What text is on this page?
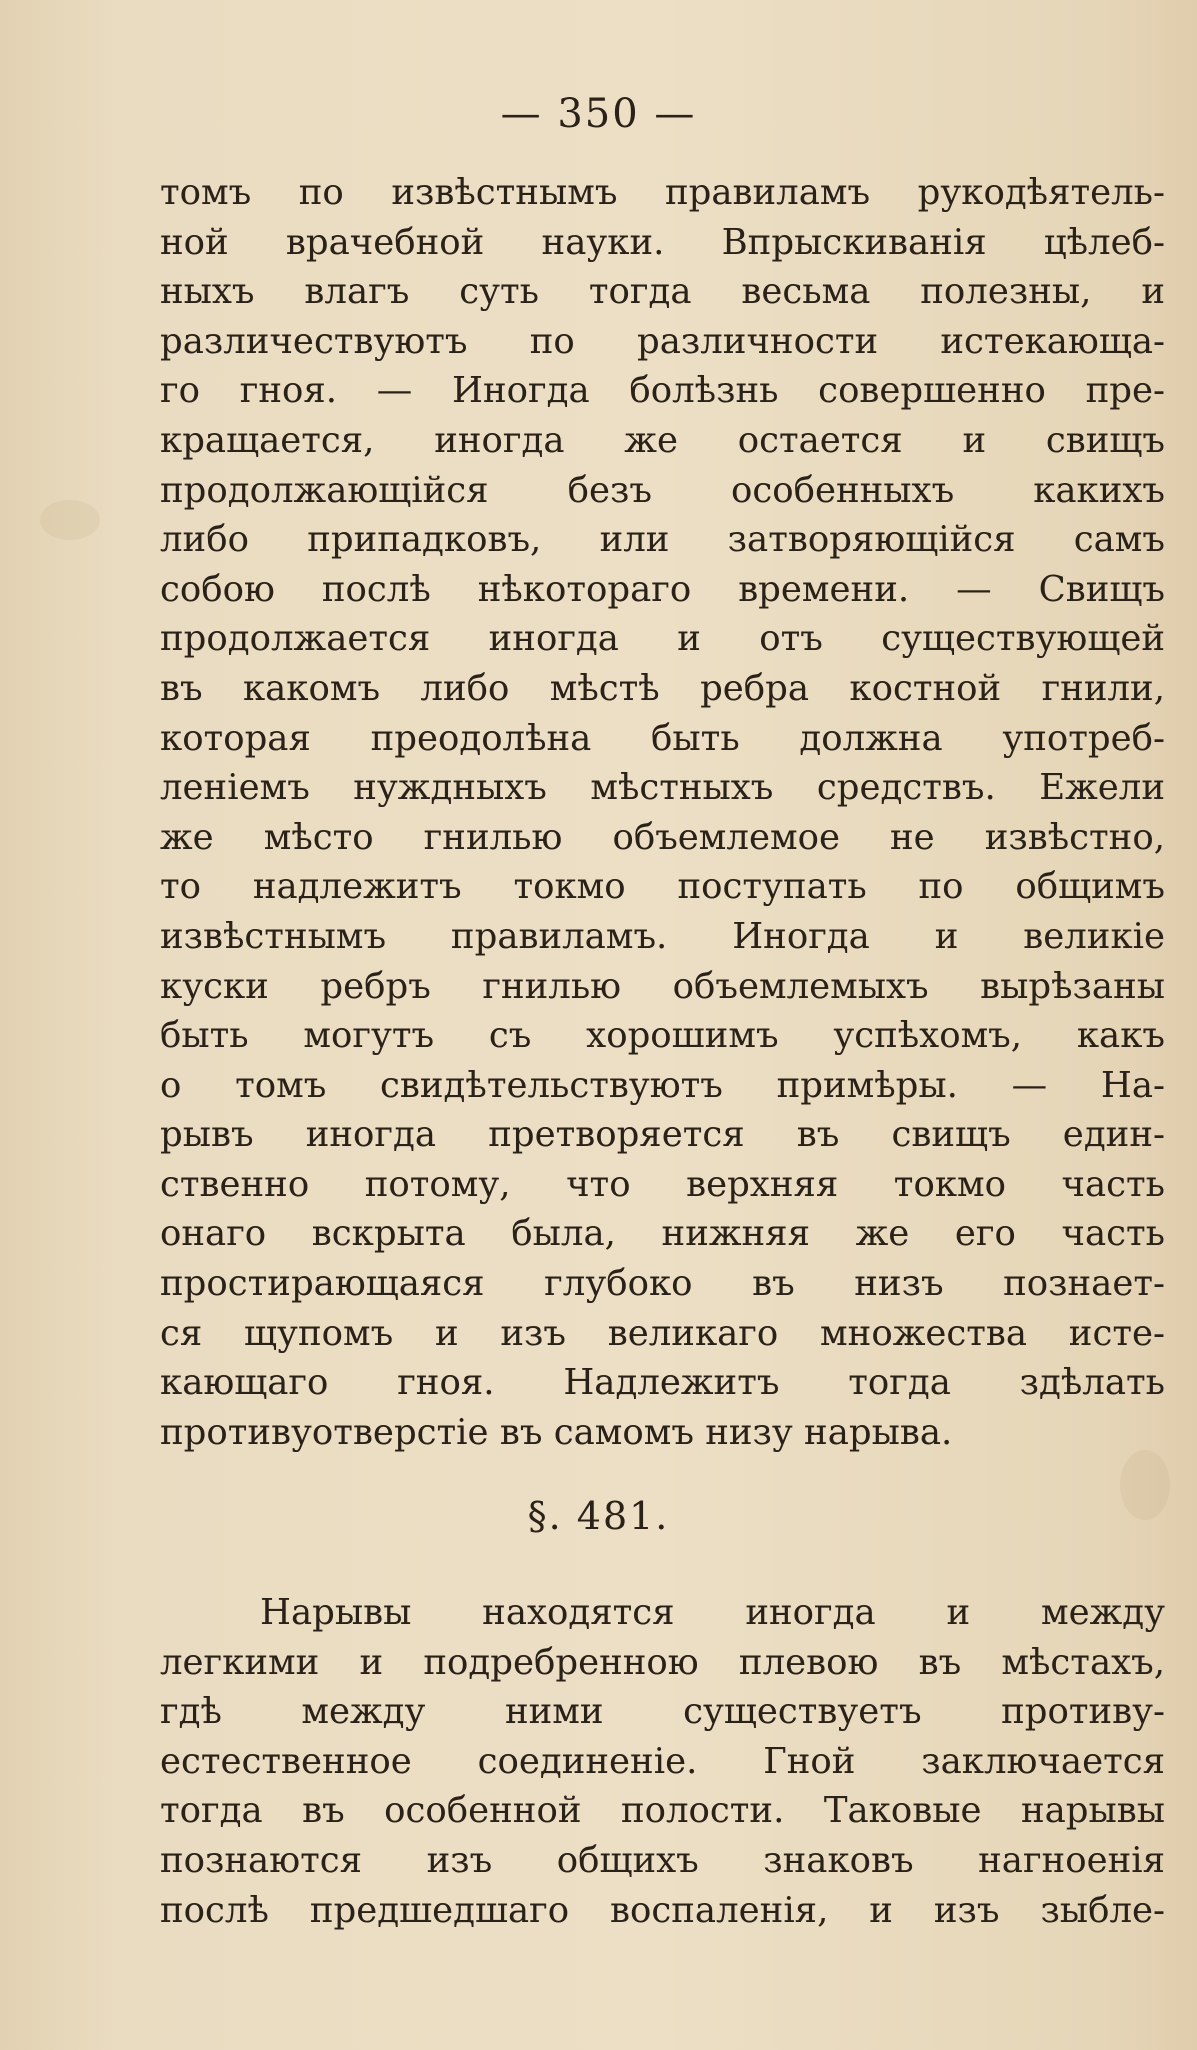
— 350 —
томъ по извѣстнымъ правиламъ рукодѣятель-
ной врачебной науки. Впрыскиванія цѣлеб-
ныхъ влагъ суть тогда весьма полезны, и
различествуютъ по различности истекающа-
го гноя. — Иногда болѣзнь совершенно пре-
кращается, иногда же остается и свищъ
продолжающійся безъ особенныхъ какихъ
либо припадковъ, или затворяющійся самъ
собою послѣ нѣкотораго времени. — Свищъ
продолжается иногда и отъ существующей
въ какомъ либо мѣстѣ ребра костной гнили,
которая преодолѣна быть должна употреб-
леніемъ нуждныхъ мѣстныхъ средствъ. Ежели
же мѣсто гнилью объемлемое не извѣстно,
то надлежитъ токмо поступать по общимъ
извѣстнымъ правиламъ. Иногда и великіе
куски ребръ гнилью объемлемыхъ вырѣзаны
быть могутъ съ хорошимъ успѣхомъ, какъ
о томъ свидѣтельствуютъ примѣры. — На-
рывъ иногда претворяется въ свищъ един-
ственно потому, что верхняя токмо часть
онаго вскрыта была, нижняя же его часть
простирающаяся глубоко въ низъ познает-
ся щупомъ и изъ великаго множества исте-
кающаго гноя. Надлежитъ тогда здѣлать
противуотверстіе въ самомъ низу нарыва.
§. 481.
Нарывы находятся иногда и между
легкими и подребренною плевою въ мѣстахъ,
гдѣ между ними существуетъ противу-
естественное соединеніе. Гной заключается
тогда въ особенной полости. Таковые нарывы
познаются изъ общихъ знаковъ нагноенія
послѣ предшедшаго воспаленія, и изъ зыбле-
